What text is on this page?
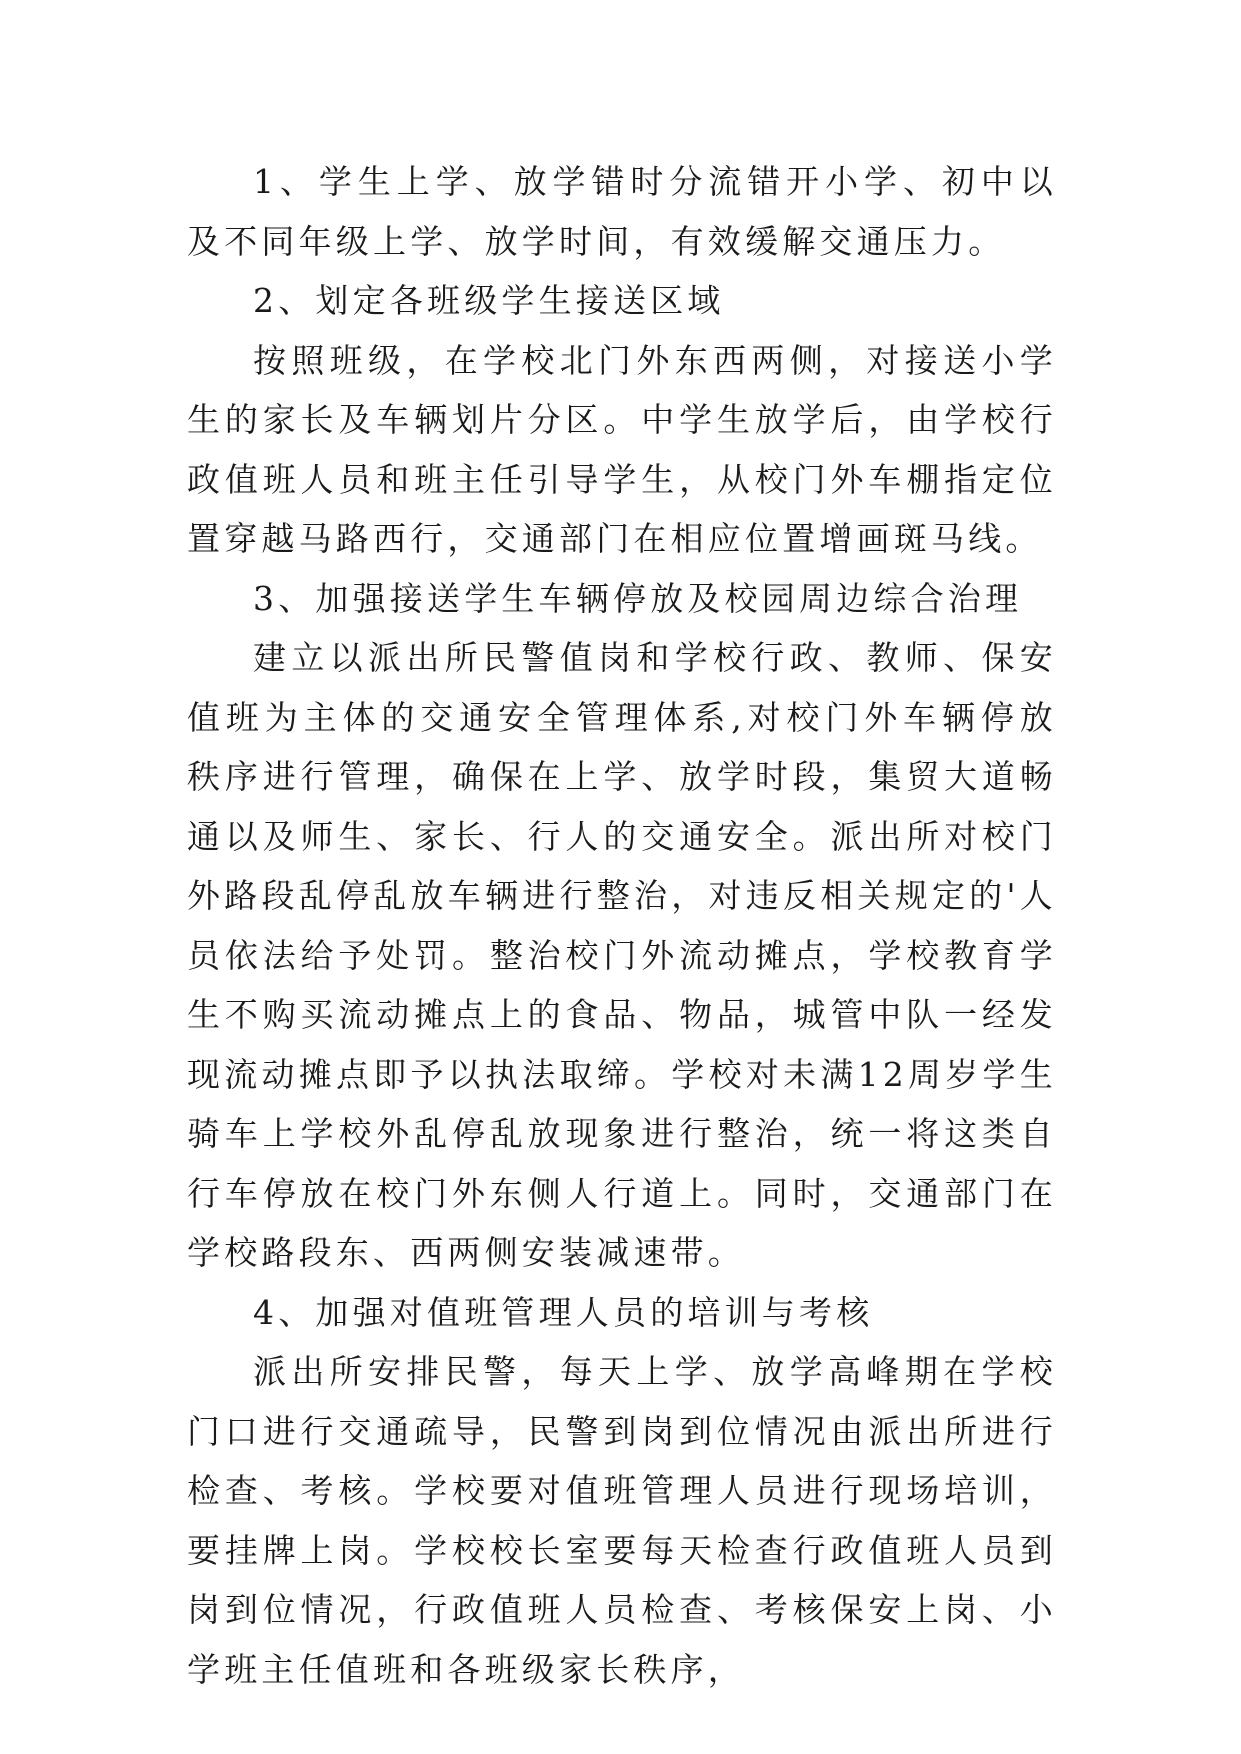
1、学生上学、放学错时分流错开小学、初中以及不同年级上学、放学时间，有效缓解交通压力。

2、划定各班级学生接送区域

按照班级，在学校北门外东西两侧，对接送小学生的家长及车辆划片分区。中学生放学后，由学校行政值班人员和班主任引导学生，从校门外车棚指定位置穿越马路西行，交通部门在相应位置增画斑马线。

3、加强接送学生车辆停放及校园周边综合治理

建立以派出所民警值岗和学校行政、教师、保安值班为主体的交通安全管理体系,对校门外车辆停放秩序进行管理，确保在上学、放学时段，集贸大道畅通以及师生、家长、行人的交通安全。派出所对校门外路段乱停乱放车辆进行整治，对违反相关规定的'人员依法给予处罚。整治校门外流动摊点，学校教育学生不购买流动摊点上的食品、物品，城管中队一经发现流动摊点即予以执法取缔。学校对未满12周岁学生骑车上学校外乱停乱放现象进行整治，统一将这类自行车停放在校门外东侧人行道上。同时，交通部门在学校路段东、西两侧安装减速带。

4、加强对值班管理人员的培训与考核

派出所安排民警，每天上学、放学高峰期在学校门口进行交通疏导，民警到岗到位情况由派出所进行检查、考核。学校要对值班管理人员进行现场培训，要挂牌上岗。学校校长室要每天检查行政值班人员到岗到位情况，行政值班人员检查、考核保安上岗、小学班主任值班和各班级家长秩序，
